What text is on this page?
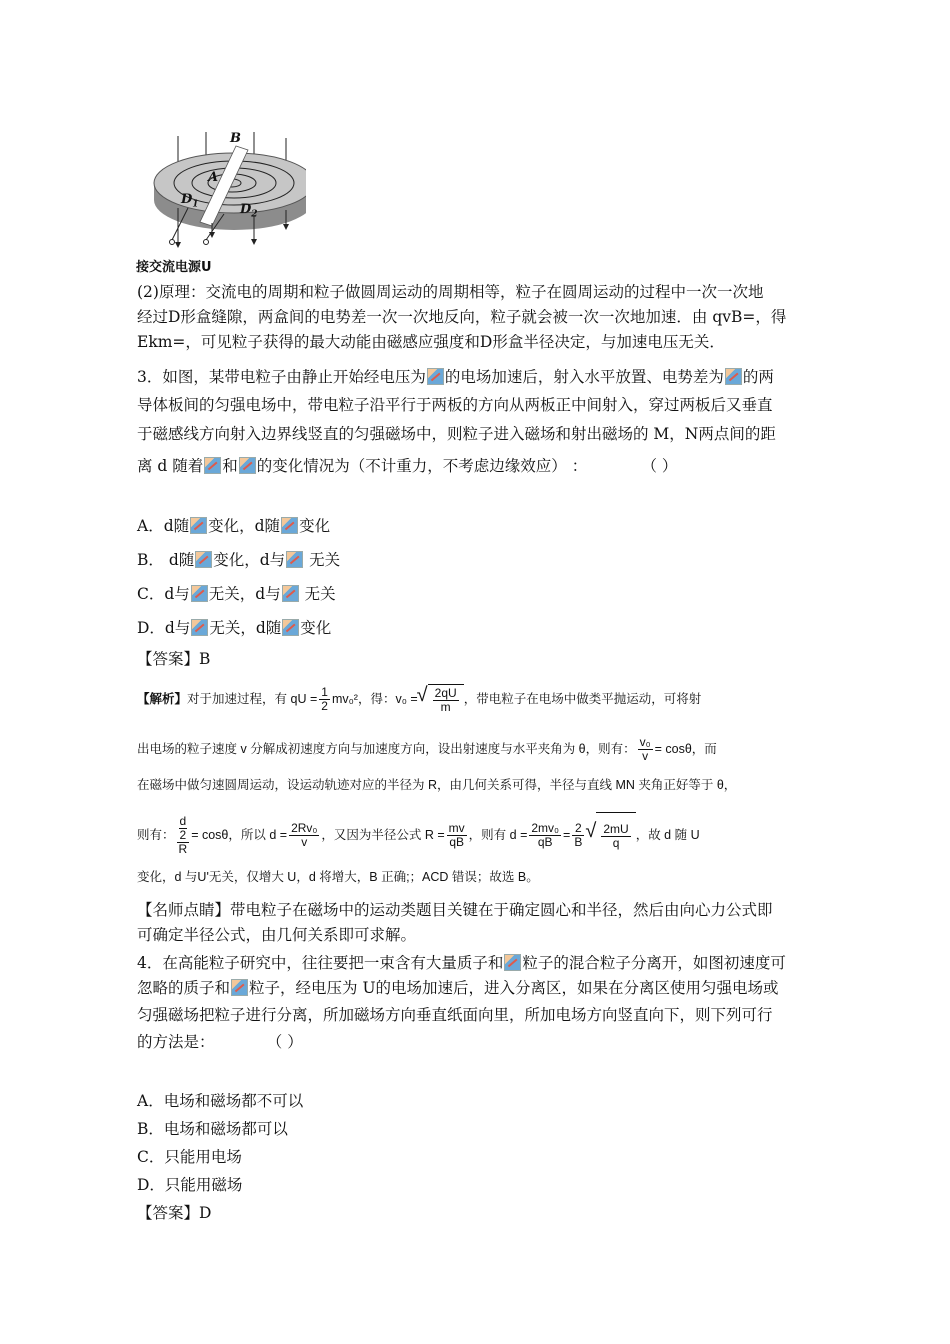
B
A
$D_1$	$D_2$
接交流电源U
(2)原理：交流电的周期和粒子做圆周运动的周期相等，粒子在圆周运动的过程中一次一次地
经过D形盒缝隙，两盒间的电势差一次一次地反向，粒子就会被一次一次地加速．由 qvB=，得
Ekm=，可见粒子获得的最大动能由磁感应强度和D形盒半径决定，与加速电压无关．
3．如图，某带电粒子由静止开始经电压为 的电场加速后，射入水平放置、电势差为 的两
导体板间的匀强电场中，带电粒子沿平行于两板的方向从两板正中间射入，穿过两板后又垂直
于磁感线方向射入边界线竖直的匀强磁场中，则粒子进入磁场和射出磁场的 M，N两点间的距
离 d 随着 和 的变化情况为（不计重力，不考虑边缘效应） ：	（ ）
A．d随 变化，d随 变化
B． d随 变化，d与 无关
C．d与 无关，d与 无关
D．d与 无关，d随 变化
【答案】B
【解析】对于加速过程，有 qU = $\frac{1}{2} mv_0^2$，得：v₀ = √ $\frac{2qU}{m}$ ，带电粒子在电场中做类平抛运动，可将射
出电场的粒子速度 v 分解成初速度方向与加速度方向，设出射速度与水平夹角为 θ，则有： $\frac{\text{v₀}}{v} = \cos\theta$，而
在磁场中做匀速圆周运动，设运动轨迹对应的半径为 R，由几何关系可得，半径与直线 MN 夹角正好等于 θ，
则有： d
2
R = cosθ，所以 $d = \frac{\text{2Rv₀}}{v}$ ，又因为半径公式 $R = \frac{mv}{qB}$ ，则有 $d = \frac{\text{2mv₀}}{qB} = \frac{2}{B}$ √ $\frac{2mU}{q}$ ，故 d 随 U
变化，d 与U'无关，仅增大 U，d 将增大，B 正确;；ACD 错误；故选 B。
【名师点睛】带电粒子在磁场中的运动类题目关键在于确定圆心和半径，然后由向心力公式即
可确定半径公式，由几何关系即可求解。
4．在高能粒子研究中，往往要把一束含有大量质子和 粒子的混合粒子分离开，如图初速度可
忽略的质子和 粒子，经电压为 U的电场加速后，进入分离区，如果在分离区使用匀强电场或
匀强磁场把粒子进行分离，所加磁场方向垂直纸面向里，所加电场方向竖直向下，则下列可行
的方法是：	（ ）
A．电场和磁场都不可以
B．电场和磁场都可以
C．只能用电场
D．只能用磁场
【答案】D
